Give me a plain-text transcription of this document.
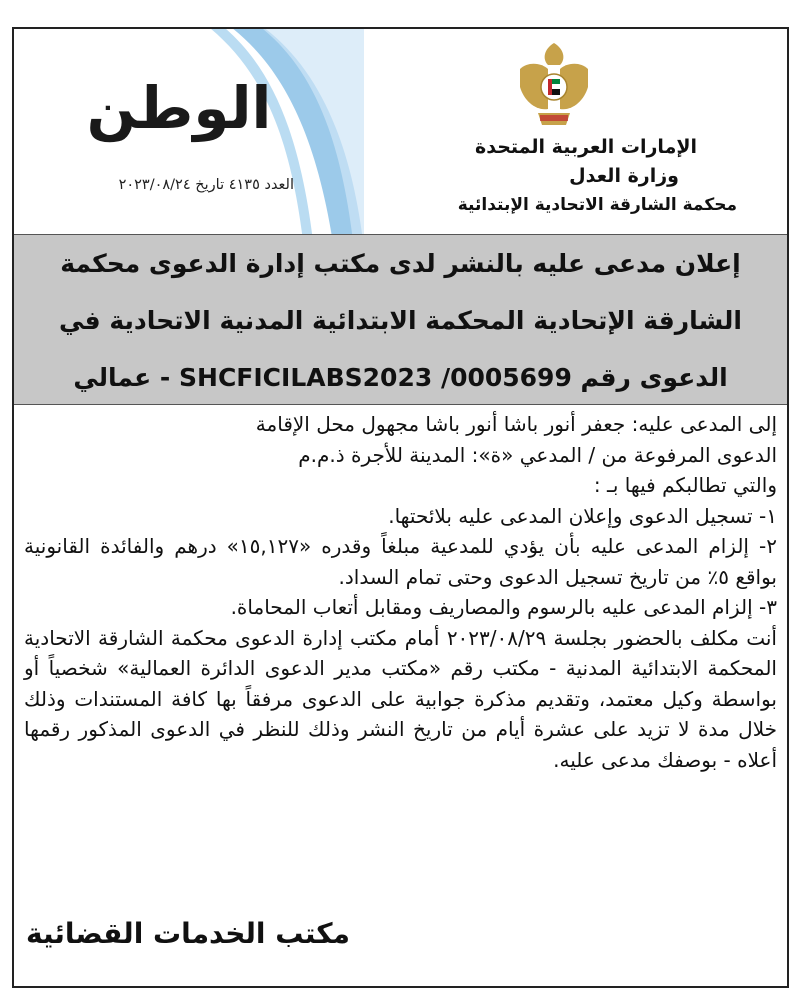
الوطن
العدد ٤١٣٥ تاريخ ٢٠٢٣/٠٨/٢٤
الإمارات العربية المتحدة
وزارة العدل
محكمة الشارقة الاتحادية الإبتدائية
إعلان مدعى عليه بالنشر لدى مكتب إدارة الدعوى محكمة
الشارقة الإتحادية المحكمة الابتدائية المدنية الاتحادية في
الدعوى رقم SHCFICILABS2023 /0005699 - عمالي

إلى المدعى عليه: جعفر أنور باشا أنور باشا مجهول محل الإقامة

الدعوى المرفوعة من / المدعي «ة»: المدينة للأجرة ذ.م.م

والتي تطالبكم فيها بـ :

١- تسجيل الدعوى وإعلان المدعى عليه بلائحتها.

٢- إلزام المدعى عليه بأن يؤدي للمدعية مبلغاً وقدره «١٥,١٢٧» درهم والفائدة القانونية بواقع ٥٪ من تاريخ تسجيل الدعوى وحتى تمام السداد.

٣- إلزام المدعى عليه بالرسوم والمصاريف ومقابل أتعاب المحاماة.

أنت مكلف بالحضور بجلسة ٢٠٢٣/٠٨/٢٩ أمام مكتب إدارة الدعوى محكمة الشارقة الاتحادية المحكمة الابتدائية المدنية - مكتب رقم «مكتب مدير الدعوى الدائرة العمالية» شخصياً أو بواسطة وكيل معتمد، وتقديم مذكرة جوابية على الدعوى مرفقاً بها كافة المستندات وذلك خلال مدة لا تزيد على عشرة أيام من تاريخ النشر وذلك للنظر في الدعوى المذكور رقمها أعلاه - بوصفك مدعى عليه.

مكتب الخدمات القضائية
